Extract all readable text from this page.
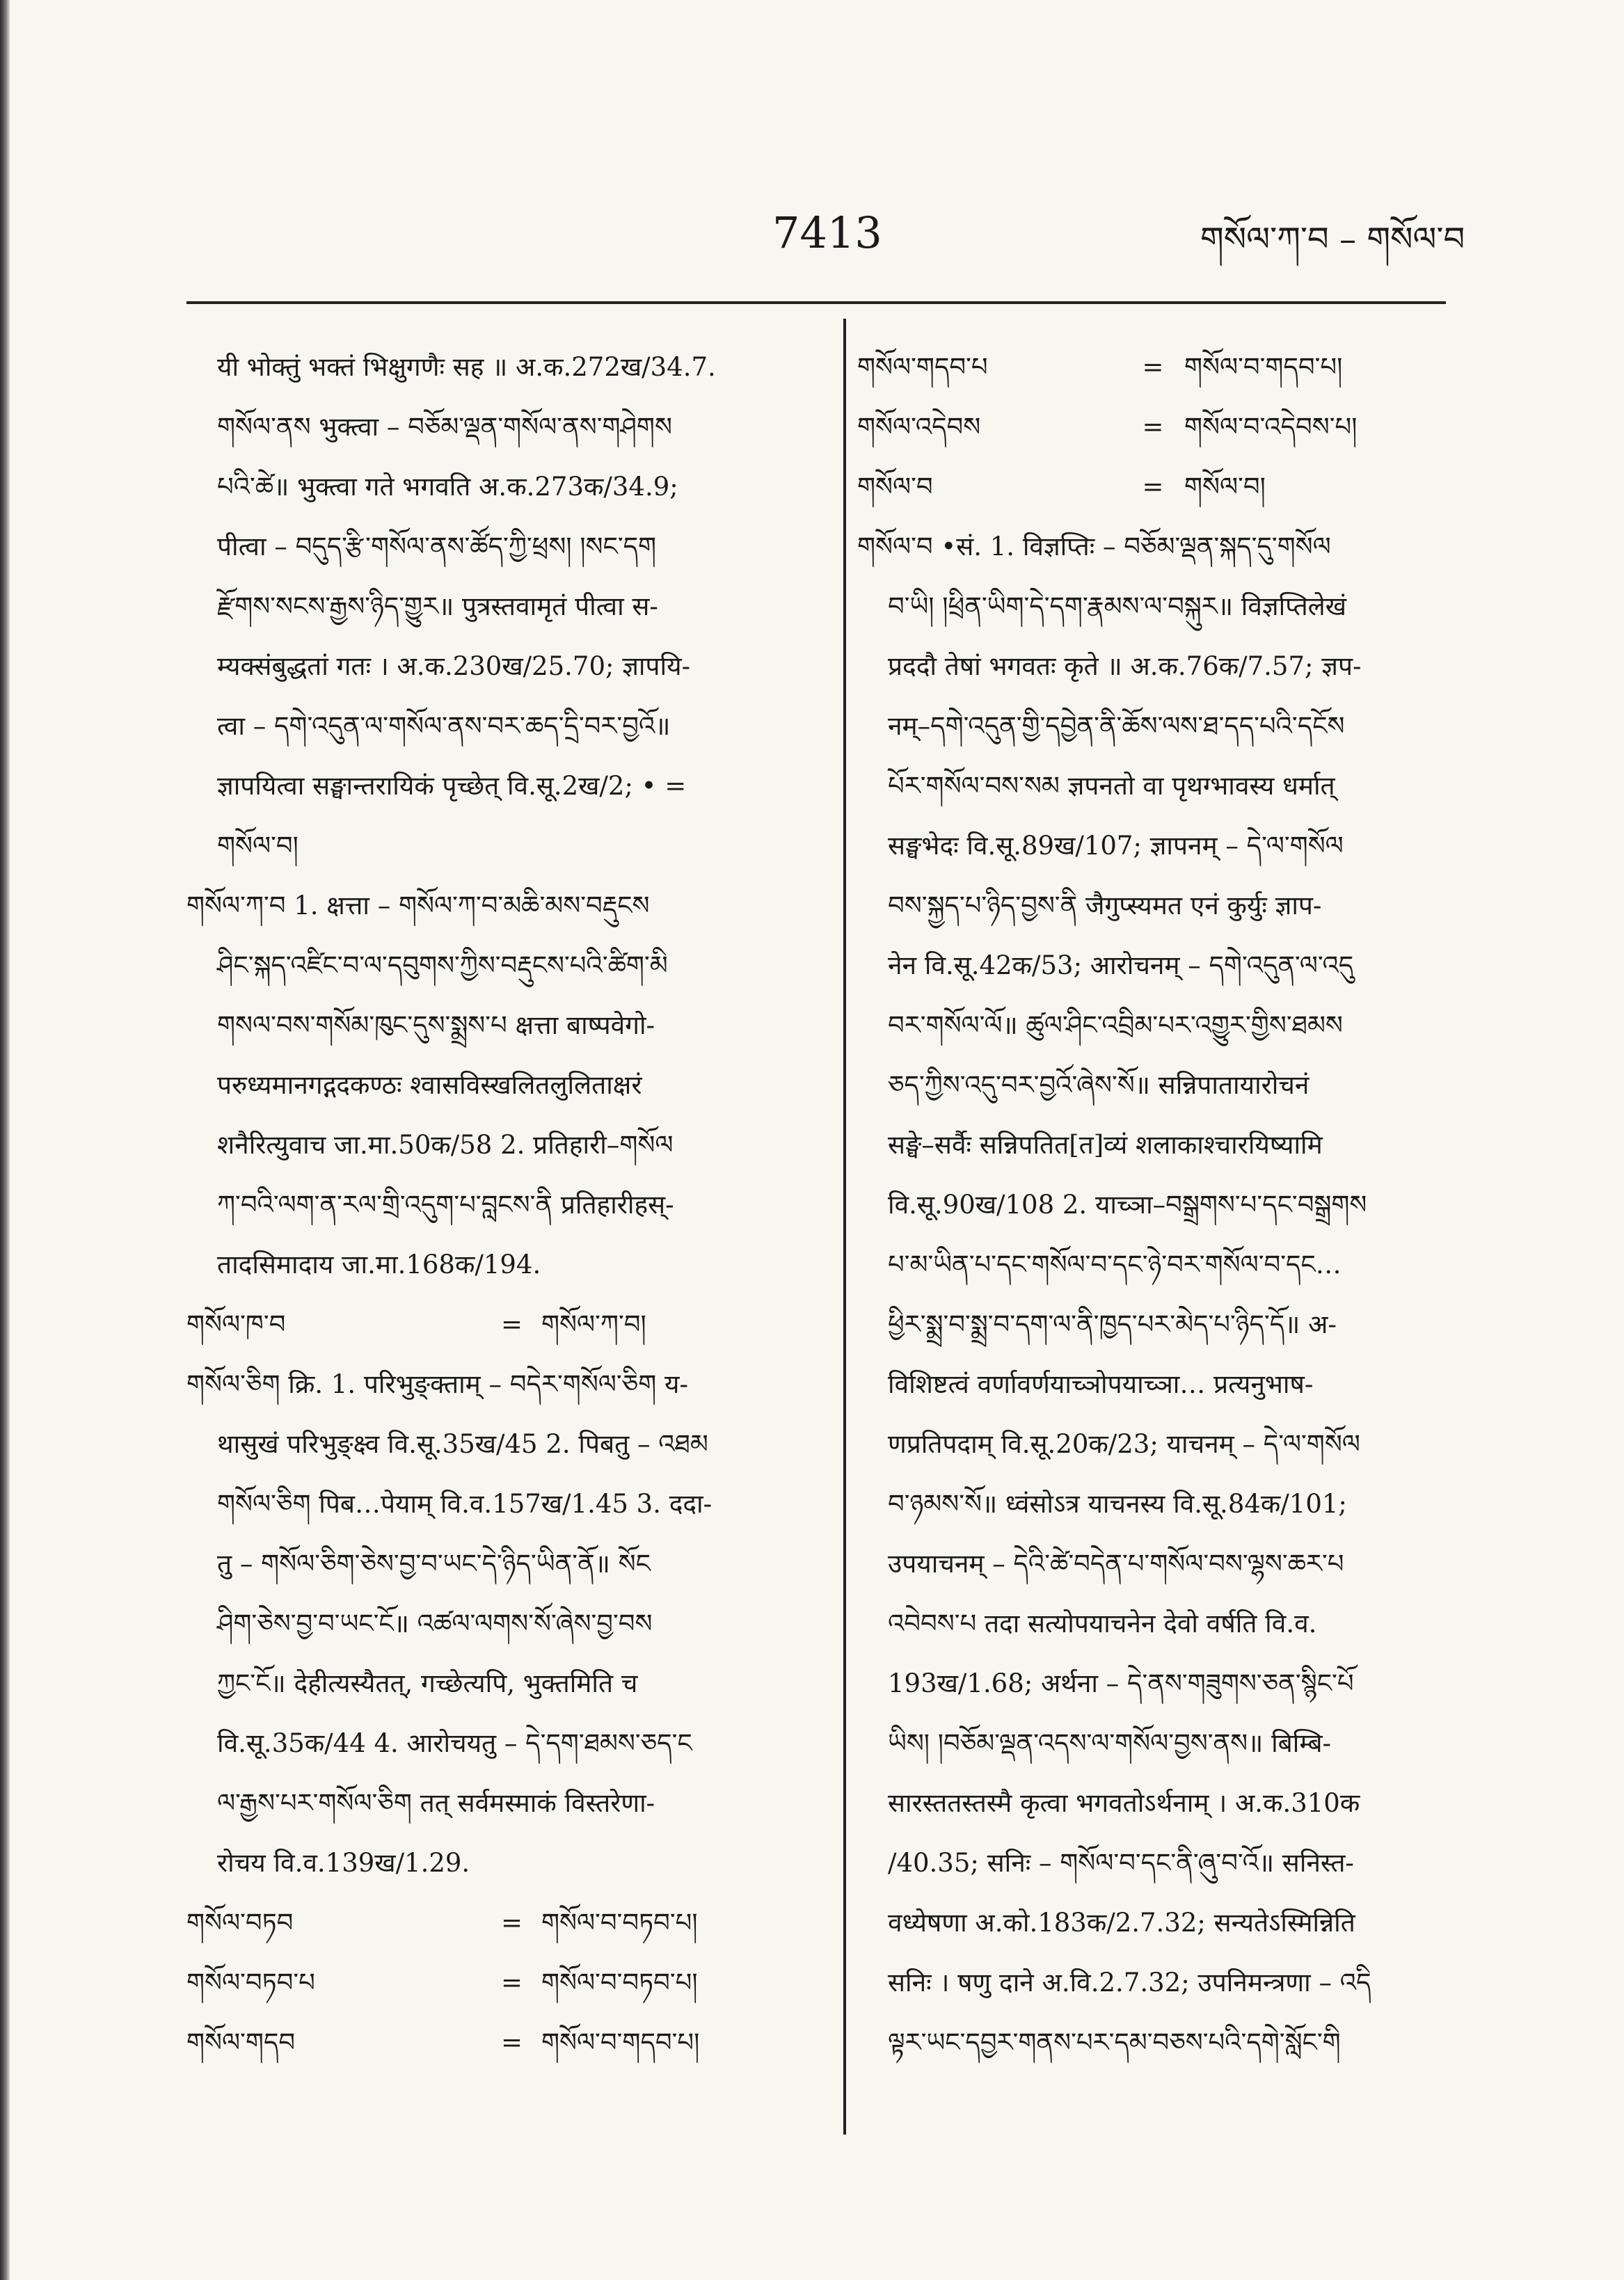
7413	གསོལ་ཀ་བ – གསོལ་བ
यी भोक्तुं भक्तं भिक्षुगणैः सह ॥ अ.क.272ख/34.7.
གསོལ་ནས भुक्त्वा – བཅོམ་ལྡན་གསོལ་ནས་གཤེགས
པའི་ཚེ॥ भुक्त्वा गते भगवति अ.क.273क/34.9;
पीत्वा – བདུད་རྩི་གསོལ་ནས་ཚོད་ཀྱི་ཕྲས། །སང་དག
རྫོགས་སངས་རྒྱས་ཉིད་གྱུར॥ पुत्रस्तवामृतं पीत्वा स-
म्यक्संबुद्धतां गतः । अ.क.230ख/25.70; ज्ञापयि-
त्वा – དགེ་འདུན་ལ་གསོལ་ནས་བར་ཆད་དྲི་བར་བྱའོ॥
ज्ञापयित्वा सङ्घान्तरायिकं पृच्छेत् वि.सू.2ख/2; • =
གསོལ་བ།
གསོལ་ཀ་བ 1. क्षत्ता – གསོལ་ཀ་བ་མཆི་མས་བརྡུངས
ཤིང་སྐད་འཛིང་བ་ལ་དབུགས་ཀྱིས་བརྡུངས་པའི་ཚིག་མི
གསལ་བས་གསོམ་ཁུང་དུས་སྨྲས་པ क्षत्ता बाष्पवेगो-
परुध्यमानगद्गदकण्ठः श्वासविस्खलितलुलिताक्षरं
शनैरित्युवाच जा.मा.50क/58 2. प्रतिहारी–གསོལ
ཀ་བའི་ལག་ན་རལ་གྲི་འདུག་པ་བླངས་ནི प्रतिहारीहस्-
तादसिमादाय जा.मा.168क/194.
གསོལ་ཁ་བ	= གསོལ་ཀ་བ།
གསོལ་ཅིག क्रि. 1. परिभुङ्क्ताम् – བདེར་གསོལ་ཅིག य-
थासुखं परिभुङ्क्ष्व वि.सू.35ख/45 2. पिबतु – འཐམ
གསོལ་ཅིག पिब…पेयाम् वि.व.157ख/1.45 3. ददा-
तु – གསོལ་ཅིག་ཅེས་བྱ་བ་ཡང་དེ་ཉིད་ཡིན་ནོ॥ སོང
ཤིག་ཅེས་བྱ་བ་ཡང་ངོ॥ འཚལ་ལགས་སོ་ཞེས་བྱ་བས
ཀྱང་ངོ॥ देहीत्यस्यैतत्, गच्छेत्यपि, भुक्तमिति च
वि.सू.35क/44 4. आरोचयतु – དེ་དག་ཐམས་ཅད་ང
ལ་རྒྱས་པར་གསོལ་ཅིག तत् सर्वमस्माकं विस्तरेणा-
रोचय वि.व.139ख/1.29.
གསོལ་བཏབ	= གསོལ་བ་བཏབ་པ།
གསོལ་བཏབ་པ	= གསོལ་བ་བཏབ་པ།
གསོལ་གདབ	= གསོལ་བ་གདབ་པ།
གསོལ་གདབ་པ	= གསོལ་བ་གདབ་པ།
གསོལ་འདེབས	= གསོལ་བ་འདེབས་པ།
གསོལ་བ	= གསོལ་བ།
གསོལ་བ •सं. 1. विज्ञप्तिः – བཅོམ་ལྡན་སྐད་དུ་གསོལ
བ་ཡི། །ཕྲིན་ཡིག་དེ་དག་རྣམས་ལ་བསྐུར॥ विज्ञप्तिलेखं
प्रददौ तेषां भगवतः कृते ॥ अ.क.76क/7.57; ज्ञप-
नम्–དགེ་འདུན་གྱི་དབྱེན་ནི་ཆོས་ལས་ཐ་དད་པའི་དངོས
པོར་གསོལ་བས་སམ ज्ञपनतो वा पृथग्भावस्य धर्मात्
सङ्घभेदः वि.सू.89ख/107; ज्ञापनम् – དེ་ལ་གསོལ
བས་སྐྱད་པ་ཉིད་བྱས་ནི जैगुप्स्यमत एनं कुर्युः ज्ञाप-
नेन वि.सू.42क/53; आरोचनम् – དགེ་འདུན་ལ་འདུ
བར་གསོལ་ལོ॥ ཚུལ་ཤིང་འབྲིམ་པར་འགྱུར་གྱིས་ཐམས
ཅད་ཀྱིས་འདུ་བར་བྱའོ་ཞེས་སོ॥ सन्निपातायारोचनं
सङ्घे–सर्वैः सन्निपतित[त]व्यं शलाकाश्चारयिष्यामि
वि.सू.90ख/108 2. याच्ञा–བསྒྲགས་པ་དང་བསྒྲགས
པ་མ་ཡིན་པ་དང་གསོལ་བ་དང་ཉེ་བར་གསོལ་བ་དང…
ཕྱིར་སྨྲ་བ་སྨྲ་བ་དག་ལ་ནི་ཁྱད་པར་མེད་པ་ཉིད་དོ॥ अ-
विशिष्टत्वं वर्णावर्णयाच्ञोपयाच्ञा… प्रत्यनुभाष-
णप्रतिपदाम् वि.सू.20क/23; याचनम् – དེ་ལ་གསོལ
བ་ཉམས་སོ॥ ध्वंसोऽत्र याचनस्य वि.सू.84क/101;
उपयाचनम् – དེའི་ཚེ་བདེན་པ་གསོལ་བས་ལྷས་ཆར་པ
འབེབས་པ तदा सत्योपयाचनेन देवो वर्षति वि.व.
193ख/1.68; अर्थना – དེ་ནས་གཟུགས་ཅན་སྙིང་པོ
ཡིས། །བཅོམ་ལྡན་འདས་ལ་གསོལ་བྱས་ནས॥ बिम्बि-
सारस्ततस्तस्मै कृत्वा भगवतोऽर्थनाम् । अ.क.310क
/40.35; सनिः – གསོལ་བ་དང་ནི་ཞུ་བ་འོ॥ सनिस्त-
वध्येषणा अ.को.183क/2.7.32; सन्यतेऽस्मिन्निति
सनिः । षणु दाने अ.वि.2.7.32; उपनिमन्त्रणा – འདི
ལྟར་ཡང་དབྱར་གནས་པར་དམ་བཅས་པའི་དགེ་སློང་གི
